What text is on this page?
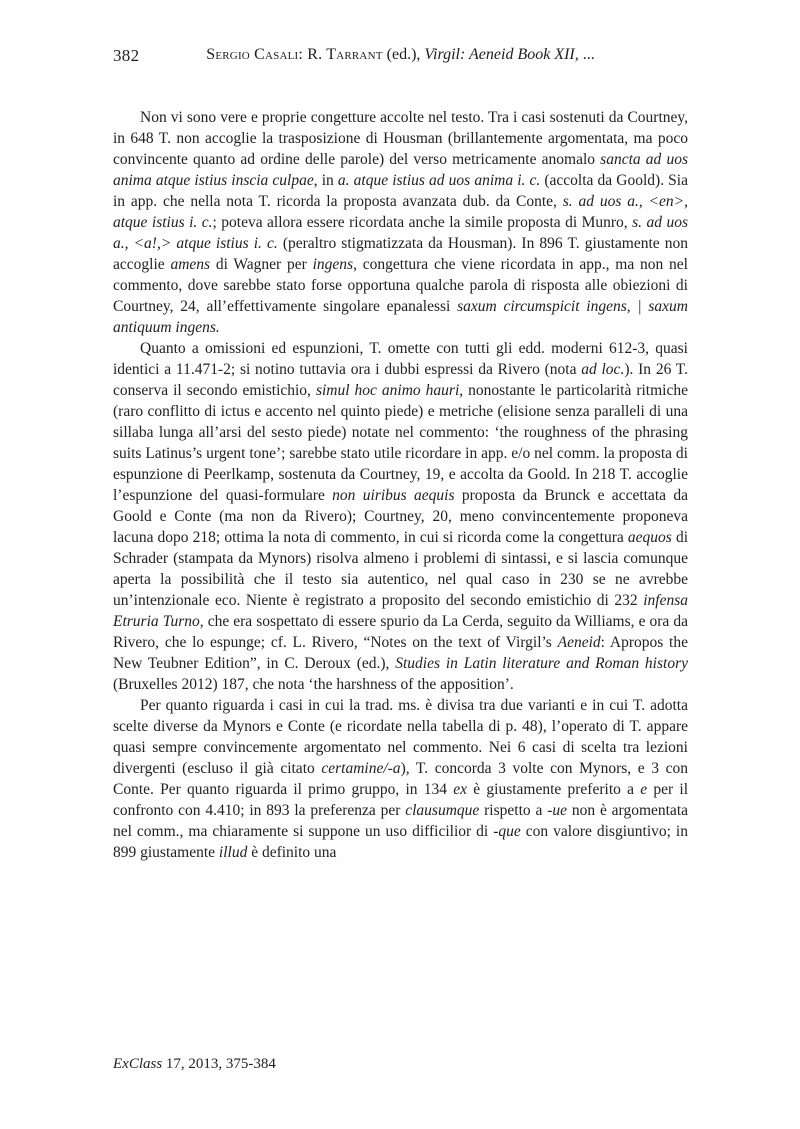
382	Sergio Casali: R. Tarrant (ed.), Virgil: Aeneid Book XII, ...

Non vi sono vere e proprie congetture accolte nel testo. Tra i casi sostenuti da Courtney, in 648 T. non accoglie la trasposizione di Housman (brillantemente argomentata, ma poco convincente quanto ad ordine delle parole) del verso metricamente anomalo sancta ad uos anima atque istius inscia culpae, in a. atque istius ad uos anima i. c. (accolta da Goold). Sia in app. che nella nota T. ricorda la proposta avanzata dub. da Conte, s. ad uos a., <en>, atque istius i. c.; poteva allora essere ricordata anche la simile proposta di Munro, s. ad uos a., <a!,> atque istius i. c. (peraltro stigmatizzata da Housman). In 896 T. giustamente non accoglie amens di Wagner per ingens, congettura che viene ricordata in app., ma non nel commento, dove sarebbe stato forse opportuna qualche parola di risposta alle obiezioni di Courtney, 24, all’effettivamente singolare epanalessi saxum circumspicit ingens, | saxum antiquum ingens.

Quanto a omissioni ed espunzioni, T. omette con tutti gli edd. moderni 612-3, quasi identici a 11.471-2; si notino tuttavia ora i dubbi espressi da Rivero (nota ad loc.). In 26 T. conserva il secondo emistichio, simul hoc animo hauri, nonostante le particolarità ritmiche (raro conflitto di ictus e accento nel quinto piede) e metriche (elisione senza paralleli di una sillaba lunga all’arsi del sesto piede) notate nel commento: ‘the roughness of the phrasing suits Latinus’s urgent tone’; sarebbe stato utile ricordare in app. e/o nel comm. la proposta di espunzione di Peerlkamp, sostenuta da Courtney, 19, e accolta da Goold. In 218 T. accoglie l’espunzione del quasi-formulare non uiribus aequis proposta da Brunck e accettata da Goold e Conte (ma non da Rivero); Courtney, 20, meno convincentemente proponeva lacuna dopo 218; ottima la nota di commento, in cui si ricorda come la congettura aequos di Schrader (stampata da Mynors) risolva almeno i problemi di sintassi, e si lascia comunque aperta la possibilità che il testo sia autentico, nel qual caso in 230 se ne avrebbe un’intenzionale eco. Niente è registrato a proposito del secondo emistichio di 232 infensa Etruria Turno, che era sospettato di essere spurio da La Cerda, seguito da Williams, e ora da Rivero, che lo espunge; cf. L. Rivero, “Notes on the text of Virgil’s Aeneid: Apropos the New Teubner Edition”, in C. Deroux (ed.), Studies in Latin literature and Roman history (Bruxelles 2012) 187, che nota ‘the harshness of the apposition’.

Per quanto riguarda i casi in cui la trad. ms. è divisa tra due varianti e in cui T. adotta scelte diverse da Mynors e Conte (e ricordate nella tabella di p. 48), l’operato di T. appare quasi sempre convincemente argomentato nel commento. Nei 6 casi di scelta tra lezioni divergenti (escluso il già citato certamine/-a), T. concorda 3 volte con Mynors, e 3 con Conte. Per quanto riguarda il primo gruppo, in 134 ex è giustamente preferito a e per il confronto con 4.410; in 893 la preferenza per clausumque rispetto a -ue non è argomentata nel comm., ma chiaramente si suppone un uso difficilior di -que con valore disgiuntivo; in 899 giustamente illud è definito una

ExClass 17, 2013, 375-384
